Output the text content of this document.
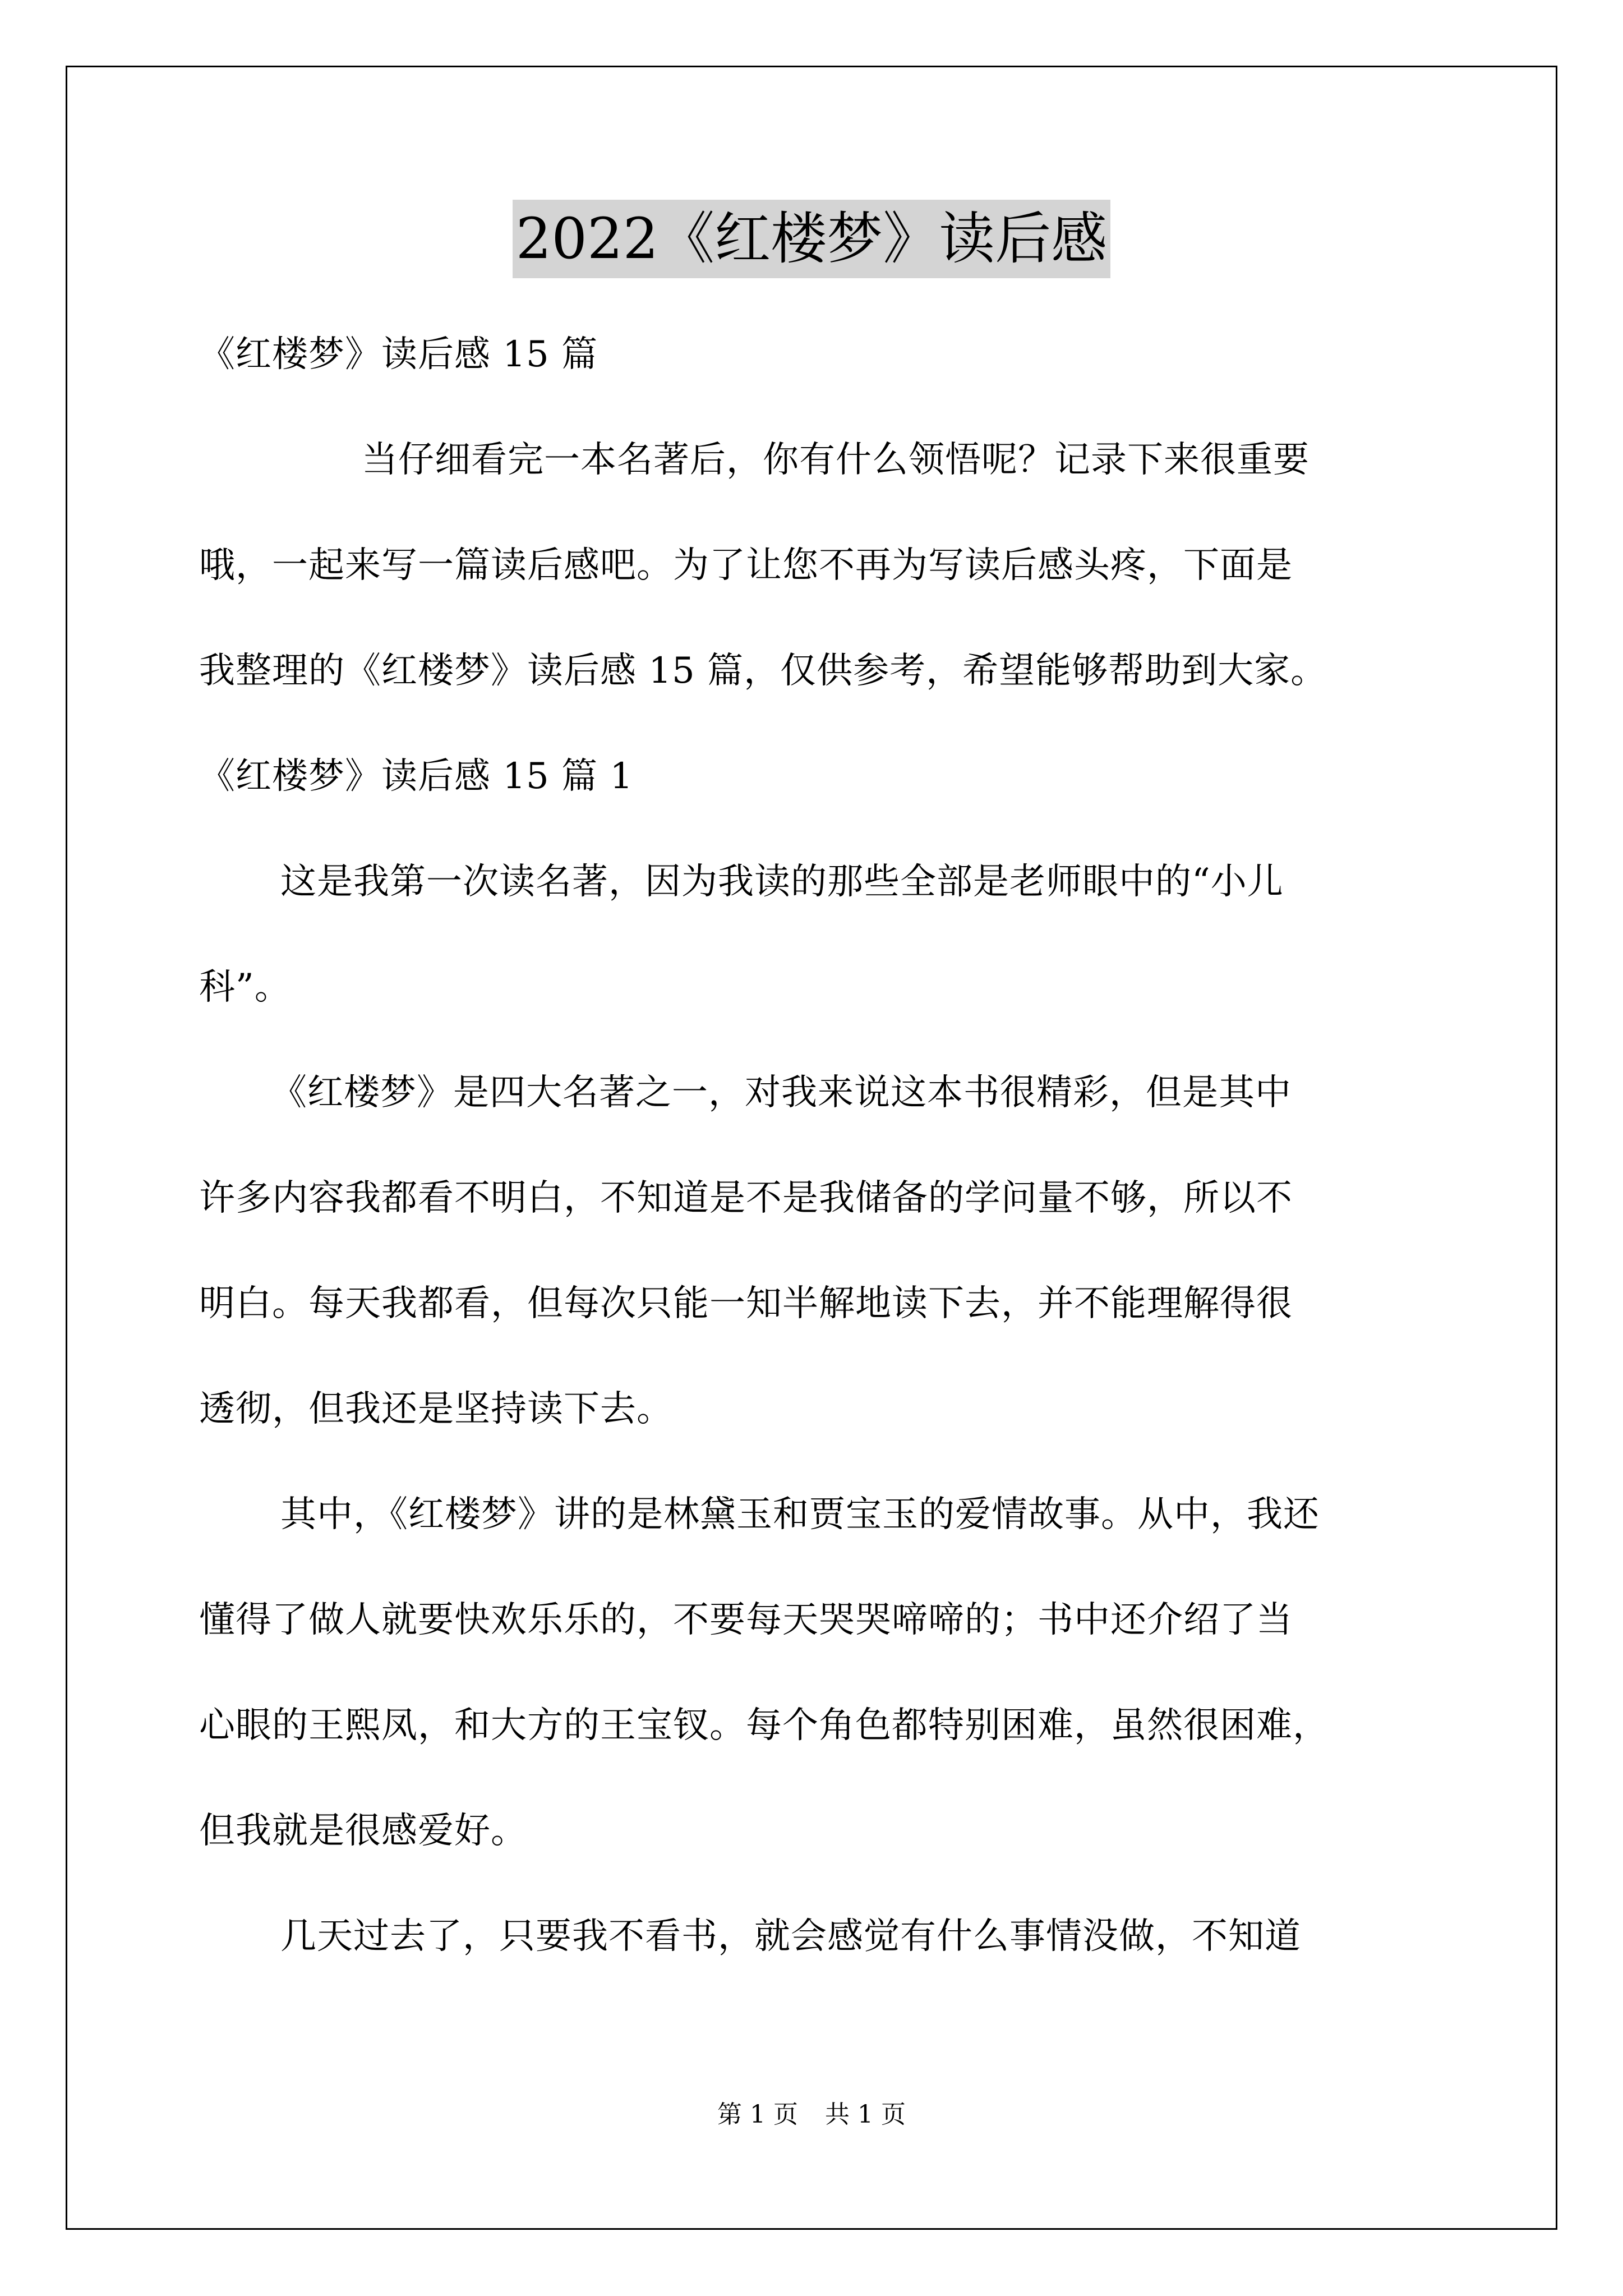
2022《红楼梦》读后感
《红楼梦》读后感 15 篇
当仔细看完一本名著后，你有什么领悟呢？记录下来很重要
哦，一起来写一篇读后感吧。为了让您不再为写读后感头疼，下面是
我整理的《红楼梦》读后感 15 篇，仅供参考，希望能够帮助到大家。
《红楼梦》读后感 15 篇 1
这是我第一次读名著，因为我读的那些全部是老师眼中的“小儿
科”。
《红楼梦》是四大名著之一，对我来说这本书很精彩，但是其中
许多内容我都看不明白，不知道是不是我储备的学问量不够，所以不
明白。每天我都看，但每次只能一知半解地读下去，并不能理解得很
透彻，但我还是坚持读下去。
其中，《红楼梦》讲的是林黛玉和贾宝玉的爱情故事。从中，我还
懂得了做人就要快欢乐乐的，不要每天哭哭啼啼的；书中还介绍了当
心眼的王熙凤，和大方的王宝钗。每个角色都特别困难，虽然很困难，
但我就是很感爱好。
几天过去了，只要我不看书，就会感觉有什么事情没做，不知道
第 1 页 共 1 页
